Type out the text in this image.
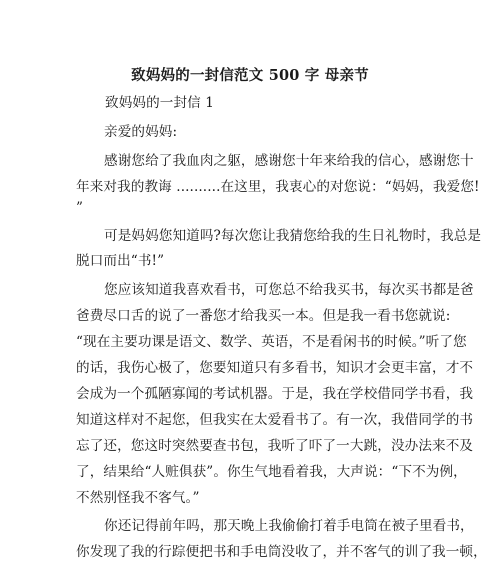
致妈妈的一封信范文 500 字 母亲节
致妈妈的一封信 1
亲爱的妈妈:
感谢您给了我血肉之躯，感谢您十年来给我的信心，感谢您十
年来对我的教诲 ..........在这里，我衷心的对您说：“妈妈，我爱您!
”
可是妈妈您知道吗?每次您让我猜您给我的生日礼物时，我总是
脱口而出“书!”
您应该知道我喜欢看书，可您总不给我买书，每次买书都是爸
爸费尽口舌的说了一番您才给我买一本。但是我一看书您就说:
“现在主要功课是语文、数学、英语，不是看闲书的时候。”听了您
的话，我伤心极了，您要知道只有多看书，知识才会更丰富，才不
会成为一个孤陋寡闻的考试机器。于是，我在学校借同学书看，我
知道这样对不起您，但我实在太爱看书了。有一次，我借同学的书
忘了还，您这时突然要查书包，我听了吓了一大跳，没办法来不及
了，结果给“人赃俱获”。你生气地看着我，大声说：“下不为例，
不然别怪我不客气。”
你还记得前年吗，那天晚上我偷偷打着手电筒在被子里看书，
你发现了我的行踪便把书和手电筒没收了，并不客气的训了我一顿，
